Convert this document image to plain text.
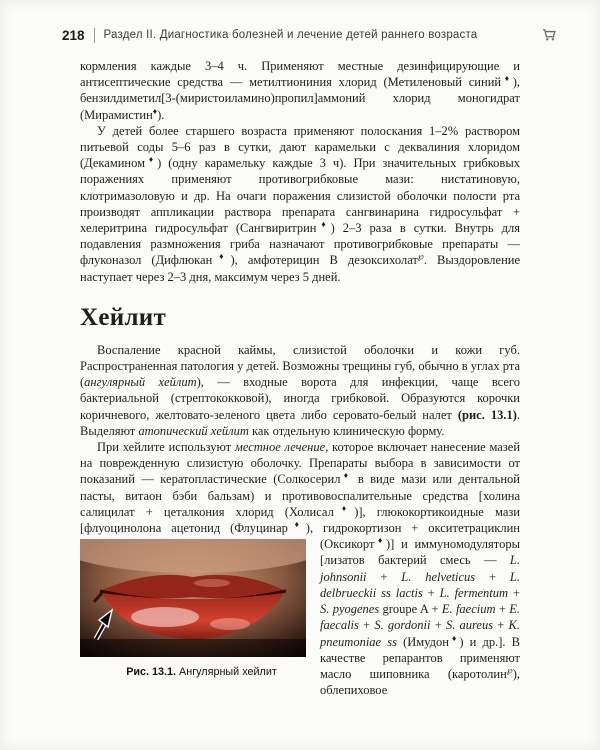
218 Раздел II. Диагностика болезней и лечение детей раннего возраста

кормления каждые 3–4 ч. Применяют местные дезинфицирующие и антисептические средства — метилтиониния хлорид (Метиленовый синий♦), бензилдиметил[3-(миристоиламино)пропил]аммоний хлорид моногидрат (Мирамистин♦).

У детей более старшего возраста применяют полоскания 1–2% раствором питьевой соды 5–6 раз в сутки, дают карамельки с деквалиния хлоридом (Декамином♦) (одну карамельку каждые 3 ч). При значительных грибковых поражениях применяют противогрибковые мази: нистатиновую, клотримазоловую и др. На очаги поражения слизистой оболочки полости рта производят аппликации раствора препарата сангвинарина гидросульфат + хелеритрина гидросульфат (Сангвиритрин♦) 2–3 раза в сутки. Внутрь для подавления размножения гриба назначают противогрибковые препараты — флуконазол (Дифлюкан♦), амфотерицин В дезоксихолат℘. Выздоровление наступает через 2–3 дня, максимум через 5 дней.

Хейлит

Воспаление красной каймы, слизистой оболочки и кожи губ. Распространенная патология у детей. Возможны трещины губ, обычно в углах рта (ангулярный хейлит), — входные ворота для инфекции, чаще всего бактериальной (стрептококковой), иногда грибковой. Образуются корочки коричневого, желтовато-зеленого цвета либо серовато-белый налет (рис. 13.1). Выделяют атопический хейлит как отдельную клиническую форму.

При хейлите используют местное лечение, которое включает нанесение мазей на поврежденную слизистую оболочку. Препараты выбора в зависимости от показаний — кератопластические (Солкосерил♦ в виде мази или дентальной пасты, витаон бэби бальзам) и противовоспалительные средства [холина салицилат + цеталкония хлорид (Холисал♦)], глюкокортикоидные мази [флуоцинолона ацетонид (Флуцинар♦), гидрокортизон + окситетрациклин (Оксикорт♦)]
Рис. 13.1. Ангулярный хейлит
и иммуномодуляторы [лизатов бактерий смесь — L. johnsonii + L. helveticus + L. delbrueckii ss lactis + L. fermentum + S. pyogenes groupe A + E. faecium + E. faecalis + S. gordonii + S. aureus + K. pneumoniae ss (Имудон♦) и др.]. В качестве репарантов применяют масло шиповника (каротолин℘), облепиховое
